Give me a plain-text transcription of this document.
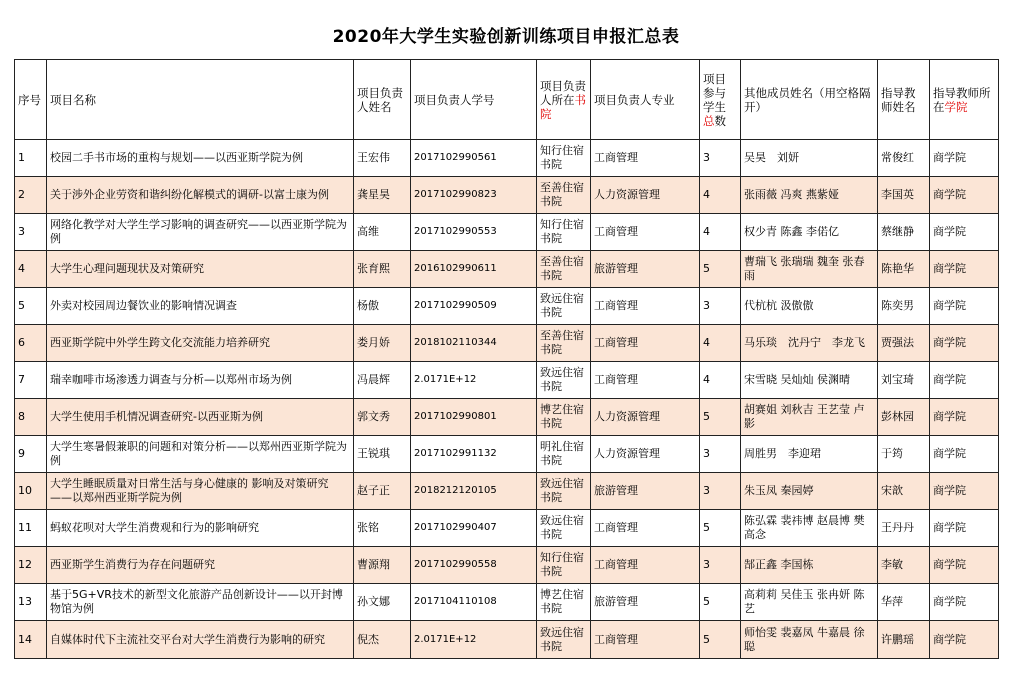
2020年大学生实验创新训练项目申报汇总表
序号	项目名称	项目负责人姓名	项目负责人学号	项目负责人所在书院	项目负责人专业	项目参与学生总数	其他成员姓名（用空格隔开）	指导教师姓名	指导教师所在学院
1	校园二手书市场的重构与规划——以西亚斯学院为例	王宏伟	2017102990561	知行住宿书院	工商管理	3	吴昊　刘妍	常俊红	商学院
2	关于涉外企业劳资和谐纠纷化解模式的调研-以富士康为例	龚星昊	2017102990823	至善住宿书院	人力资源管理	4	张雨薇 冯爽 燕紫娅	李国英	商学院
3	网络化教学对大学生学习影响的调查研究——以西亚斯学院为例	高维	2017102990553	知行住宿书院	工商管理	4	权少青 陈鑫 李偌亿	蔡继静	商学院
4	大学生心理问题现状及对策研究	张育熙	2016102990611	至善住宿书院	旅游管理	5	曹瑞飞 张瑞瑞 魏奎 张春雨	陈艳华	商学院
5	外卖对校园周边餐饮业的影响情况调查	杨傲	2017102990509	致远住宿书院	工商管理	3	代杭杭 汲傲傲	陈奕男	商学院
6	西亚斯学院中外学生跨文化交流能力培养研究	娄月娇	2018102110344	至善住宿书院	工商管理	4	马乐琰　沈丹宁　李龙飞	贾强法	商学院
7	瑞幸咖啡市场渗透力调查与分析—以郑州市场为例	冯晨辉	2.0171E+12	致远住宿书院	工商管理	4	宋雪晓 吴灿灿 侯渊晴	刘宝琦	商学院
8	大学生使用手机情况调查研究-以西亚斯为例	郭文秀	2017102990801	博艺住宿书院	人力资源管理	5	胡赛姐 刘秋吉 王艺莹 卢影	彭林园	商学院
9	大学生寒暑假兼职的问题和对策分析——以郑州西亚斯学院为例	王锐琪	2017102991132	明礼住宿书院	人力资源管理	3	周胜男　李迎珺	于筠	商学院
10	大学生睡眠质量对日常生活与身心健康的 影响及对策研究——以郑州西亚斯学院为例	赵子正	2018212120105	致远住宿书院	旅游管理	3	朱玉凤 秦园婷	宋歆	商学院
11	蚂蚁花呗对大学生消费观和行为的影响研究	张铭	2017102990407	致远住宿书院	工商管理	5	陈弘霖 裴祎博 赵晨博 樊高念	王丹丹	商学院
12	西亚斯学生消费行为存在问题研究	曹源翔	2017102990558	知行住宿书院	工商管理	3	郜正鑫 李国栋	李敏	商学院
13	基于5G+VR技术的新型文化旅游产品创新设计——以开封博物馆为例	孙文娜	2017104110108	博艺住宿书院	旅游管理	5	高莉莉 吴佳玉 张冉妍 陈艺	华萍	商学院
14	自媒体时代下主流社交平台对大学生消费行为影响的研究	倪杰	2.0171E+12	致远住宿书院	工商管理	5	师怡雯 裴嘉凤 牛嘉晨 徐聪	许鹏瑶	商学院
